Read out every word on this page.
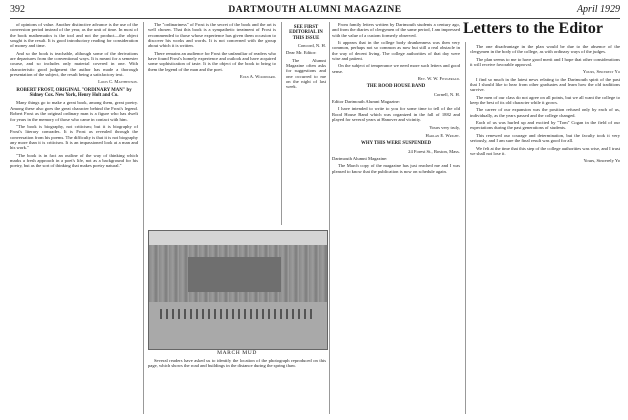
392	DARTMOUTH ALUMNI MAGAZINE	April 1929
Letters to the Editor

of opinions of value. Another distinctive advance is the use of the conversion period instead of the year, as the unit of time. In most of the book mathematics is the tool and not the product—the object sought is the result. It is good introductory reading for consideration of money and time.

And so the book is teachable, although some of the derivations are departures from the conventional ways. It is meant for a semester course, and so includes only material covered in one. With characteristic good judgment the author has made a thorough presentation of the subject, the result being a satisfactory text.

Louis C. Matthewson.

ROBERT FROST, ORIGINAL "ORDINARY MAN" by Sidney Cox. New York, Henry Holt and Co.

Many things go to make a great book, among them, great poetry. Among these also goes the great character behind the Frost's legend. Robert Frost as the original ordinary man is a figure who has dwelt for years in the memory of those who came in contact with him.

"The book is biography, not criticism; but it is biography of Frost's literary comrades. It is Frost as revealed through the conversation from his poems. The difficulty is that it is not biography any more than it is criticism. It is an impassioned look at a man and his work."

"The book is in fact an outline of the way of thinking which marks a fresh approach in a poet's life, not as a background for his poetry, but as the sort of thinking that makes poetry natural."

The "ordinariness" of Frost is the secret of the book and the art is well chosen. That this book is a sympathetic treatment of Frost is recommended to those whose experience has given them occasion to discover his works and words. It is not concerned with the group about which it is written.

There remains an audience for Frost the unfamiliar of readers who have found Frost's homely experience and outlook and have acquired some sophistication of taste. It is the object of the book to bring to them the legend of the man and the poet.

Evan A. Woodward.

SEE FIRST EDITORIAL IN THIS ISSUE

Concord, N. H.

Dear Mr. Editor:

The Alumni Magazine often asks for suggestions and one occurred to me on the night of last week.

MARCH MUD

Several readers have asked us to identify the location of the photograph reproduced on this page, which shows the road and buildings in the distance during the spring thaw.

From family letters written by Dartmouth students a century ago, and from the diaries of clergymen of the same period, I am impressed with the value of a custom formerly observed.

It appears that in the college body drunkenness was then very common, perhaps not so common as now but still a real obstacle in the way of decent living. The college authorities of that day were wise and patient.

On the subject of temperance we need more such letters and good sense.

Rev. W. W. Fitzgerald.

THE ROOD HOUSE BAND

Cornell, N. H.

Editor Dartmouth Alumni Magazine:

I have intended to write to you for some time to tell of the old Rood House Band which was organized in the fall of 1882 and played for several years at Hanover and vicinity.

Yours very truly,

Harlan E. Wright.

WHY THIS WERE SUSPENDED

24 Forest St., Boston, Mass.

Dartmouth Alumni Magazine:

The March copy of the magazine has just reached me and I was pleased to know that the publication is now on schedule again.

The one disadvantage in the plan would be due to the absence of the clergymen in the body of the college, as with ordinary ways of the judges.

The plan seems to me to have good merit and I hope that other considerations it will receive favorable approval.

Yours, Sincerely Yo

I find so much in the latest news relating to the Dartmouth spirit of the past that I should like to hear from other graduates and learn how the old traditions survive.

The men of our class do not agree on all points, but we all want the college to keep the best of its old character while it grows.

The career of our expansion was the position refused only by each of us, individually, as the years passed and the college changed.

Each of us was hurled up and excited by "Tom" Cogan in the field of our expectations during the past generations of students.

This renewed our courage and determination, but the faculty took it very seriously, and I am sure the final result was good for all.

We felt at the time that this step of the college authorities was wise, and I trust we shall not lose it.

Yours, Sincerely Yo
